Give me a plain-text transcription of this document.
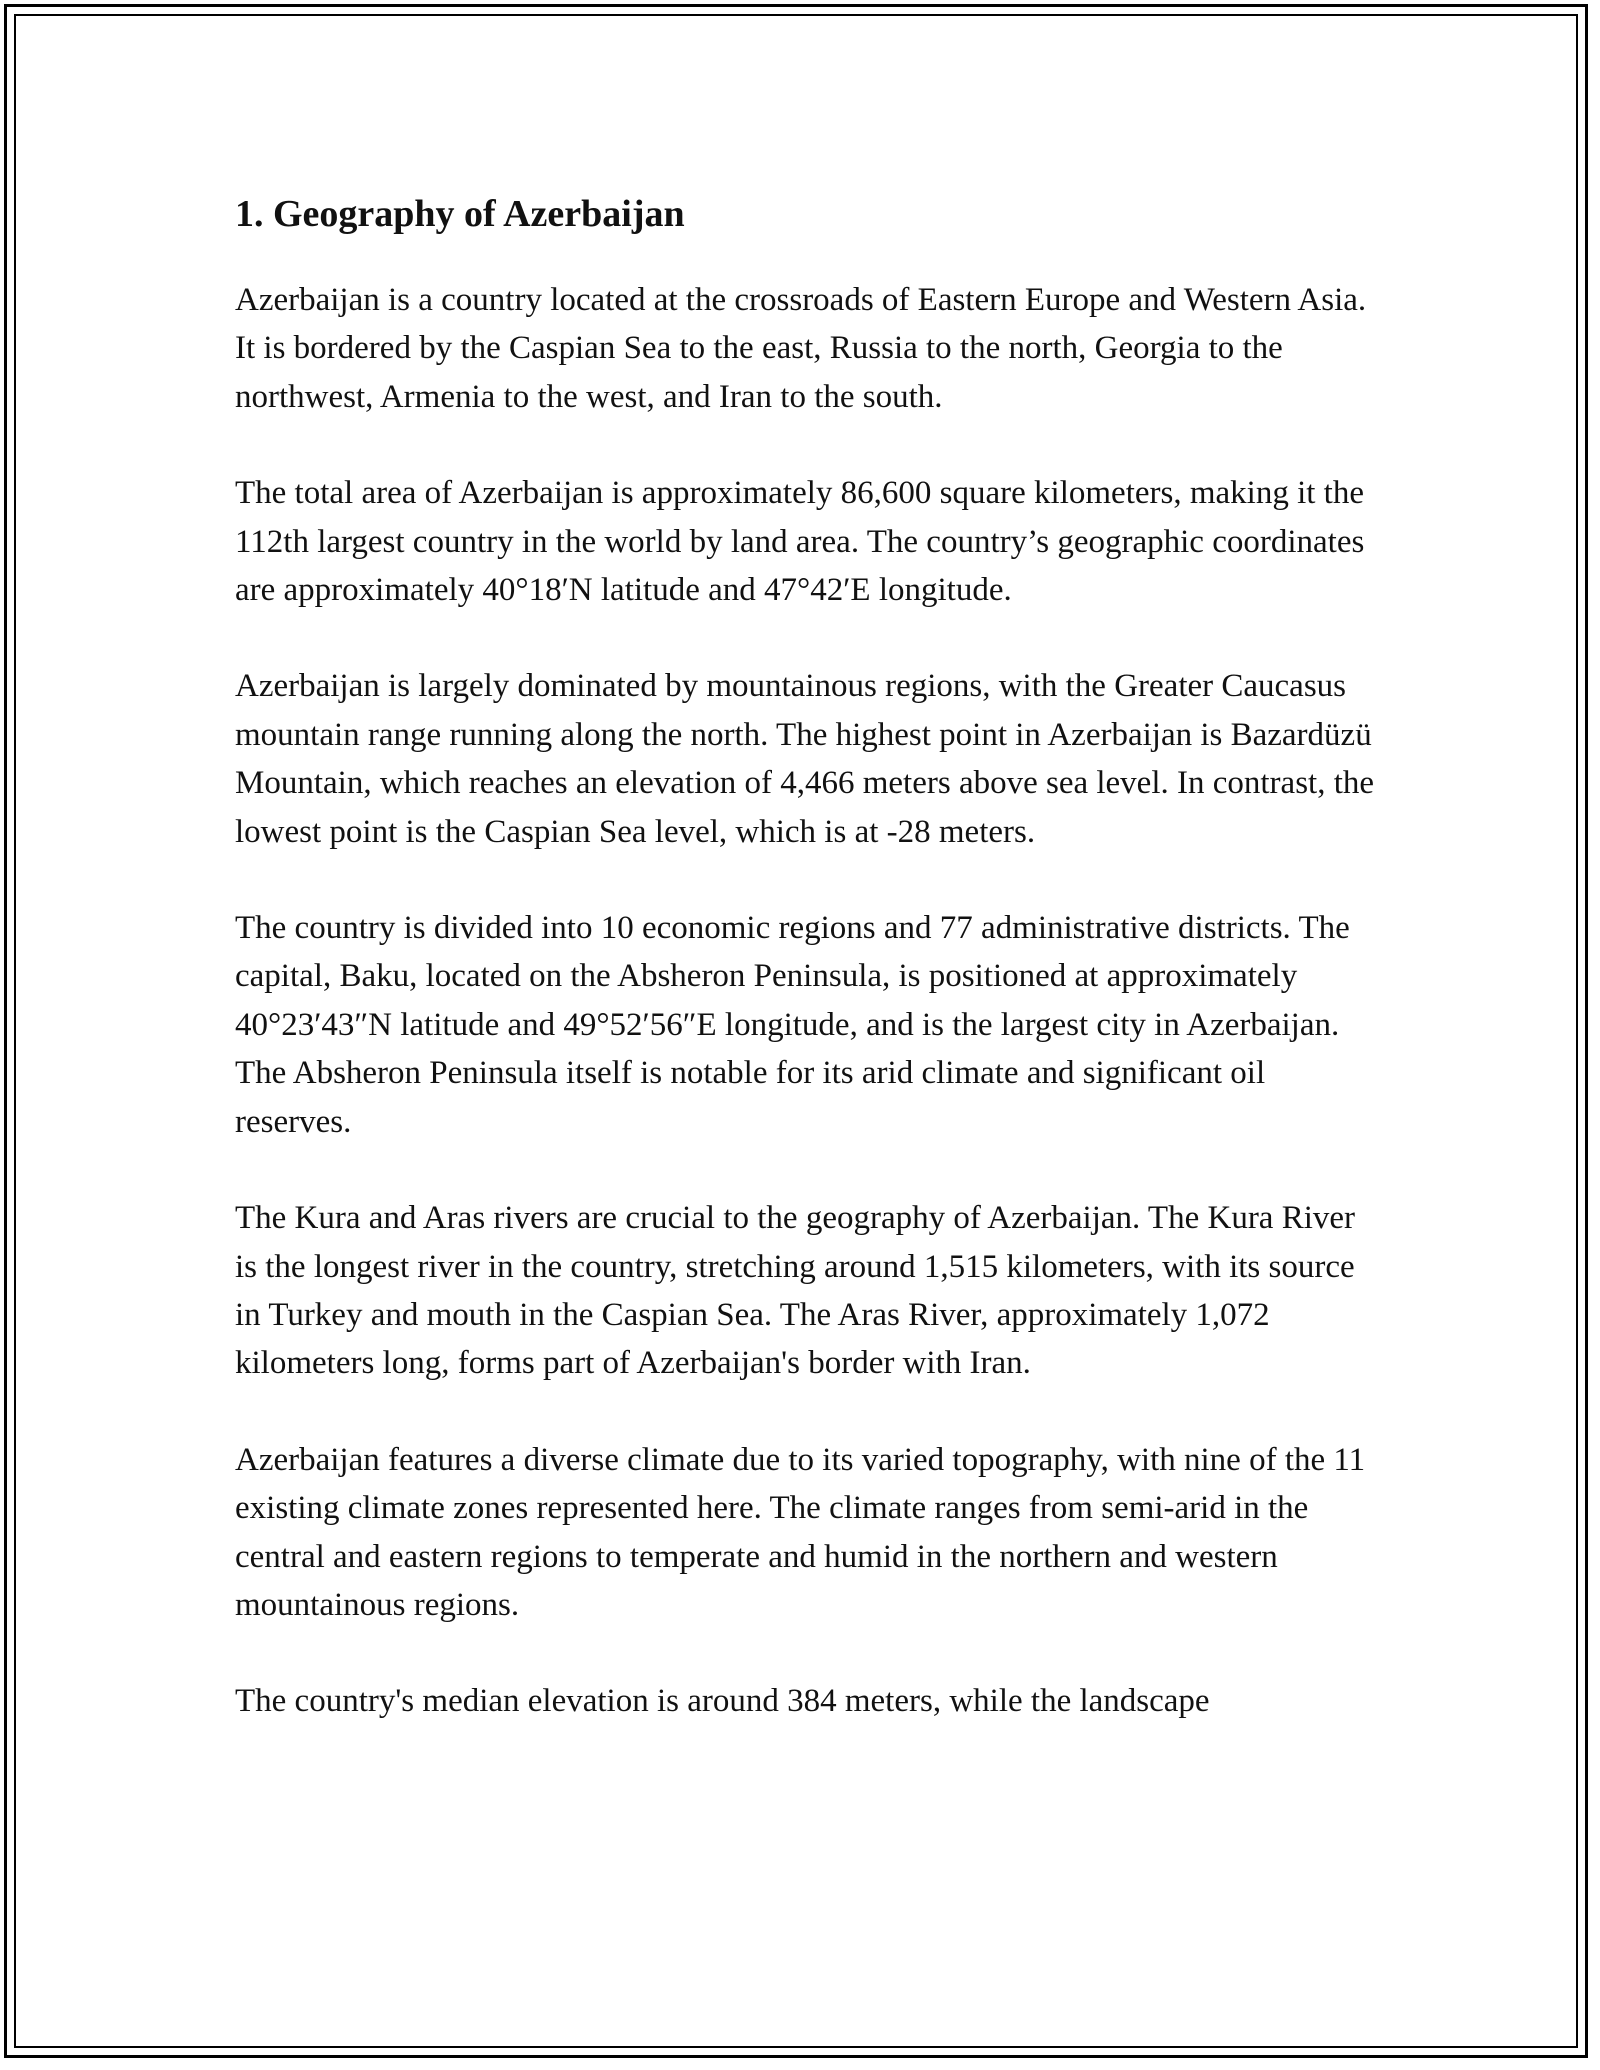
1. Geography of Azerbaijan

Azerbaijan is a country located at the crossroads of Eastern Europe and Western Asia. It is bordered by the Caspian Sea to the east, Russia to the north, Georgia to the northwest, Armenia to the west, and Iran to the south.

The total area of Azerbaijan is approximately 86,600 square kilometers, making it the 112th largest country in the world by land area. The country’s geographic coordinates are approximately 40°18′N latitude and 47°42′E longitude.

Azerbaijan is largely dominated by mountainous regions, with the Greater Caucasus mountain range running along the north. The highest point in Azerbaijan is Bazardüzü Mountain, which reaches an elevation of 4,466 meters above sea level. In contrast, the lowest point is the Caspian Sea level, which is at -28 meters.

The country is divided into 10 economic regions and 77 administrative districts. The capital, Baku, located on the Absheron Peninsula, is positioned at approximately 40°23′43″N latitude and 49°52′56″E longitude, and is the largest city in Azerbaijan. The Absheron Peninsula itself is notable for its arid climate and significant oil reserves.

The Kura and Aras rivers are crucial to the geography of Azerbaijan. The Kura River is the longest river in the country, stretching around 1,515 kilometers, with its source in Turkey and mouth in the Caspian Sea. The Aras River, approximately 1,072 kilometers long, forms part of Azerbaijan's border with Iran.

Azerbaijan features a diverse climate due to its varied topography, with nine of the 11 existing climate zones represented here. The climate ranges from semi-arid in the central and eastern regions to temperate and humid in the northern and western mountainous regions.

The country's median elevation is around 384 meters, while the landscape
